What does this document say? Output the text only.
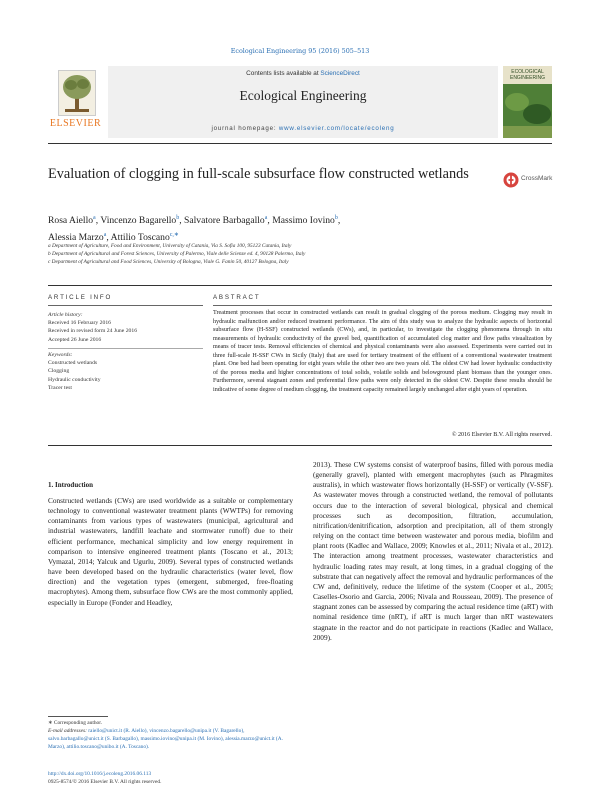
Ecological Engineering 95 (2016) 505–513
ELSEVIER
Contents lists available at ScienceDirect
Ecological Engineering
journal homepage: www.elsevier.com/locate/ecoleng
ECOLOGICAL ENGINEERING
Evaluation of clogging in full-scale subsurface flow constructed wetlands	CrossMark
Rosa Aiello$^a$, Vincenzo Bagarello$^b$, Salvatore Barbagallo$^a$, Massimo Iovino$^b$,
Alessia Marzo$^a$, Attilio Toscano$^{c,∗}$
a Department of Agriculture, Food and Environment, University of Catania, Via S. Sofia 100, 95123 Catania, Italy
b Department of Agricultural and Forest Sciences, University of Palermo, Viale delle Scienze ed. 4, 90128 Palermo, Italy
c Department of Agricultural and Food Sciences, University of Bologna, Viale G. Fanin 50, 40127 Bologna, Italy
ARTICLE INFO	ABSTRACT
Article history:
Received 16 February 2016
Received in revised form 24 June 2016
Accepted 26 June 2016
Keywords:
Constructed wetlands
Clogging
Hydraulic conductivity
Tracer test
Treatment processes that occur in constructed wetlands can result in gradual clogging of the porous medium. Clogging may result in hydraulic malfunction and/or reduced treatment performance. The aim of this study was to analyze the hydraulic aspects of horizontal subsurface flow (H-SSF) constructed wetlands (CWs), and, in particular, to investigate the clogging phenomena through in situ measurements of hydraulic conductivity of the gravel bed, quantification of accumulated clog matter and flow paths visualization by means of tracer tests. Removal efficiencies of chemical and physical contaminants were also assessed. Experiments were carried out in three full-scale H-SSF CWs in Sicily (Italy) that are used for tertiary treatment of the effluent of a conventional wastewater treatment plant. One bed had been operating for eight years while the other two are two years old. The oldest CW had lower hydraulic conductivity of the porous media and higher concentrations of total solids, volatile solids and belowground plant biomass than the younger ones. Furthermore, several stagnant zones and preferential flow paths were only detected in the oldest CW. Despite these results should be indicative of some degree of medium clogging, the treatment capacity remained largely unchanged after eight years of operation.
© 2016 Elsevier B.V. All rights reserved.
1. Introduction
Constructed wetlands (CWs) are used worldwide as a suitable or complementary technology to conventional wastewater treatment plants (WWTPs) for removing contaminants from various types of wastewaters (municipal, agricultural and industrial wastewaters, landfill leachate and stormwater runoff) due to their efficient performance, mechanical simplicity and low energy requirement in comparison to intensive engineered treatment plants (Toscano et al., 2013; Vymazal, 2014; Yalcuk and Ugurlu, 2009). Several types of constructed wetlands have been developed based on the hydraulic characteristics (water level, flow direction) and the vegetation types (emergent, submerged, free-floating macrophytes). Among them, subsurface flow CWs are the most commonly applied, especially in Europe (Fonder and Headley,
2013). These CW systems consist of waterproof basins, filled with porous media (generally gravel), planted with emergent macrophytes (such as Phragmites australis), in which wastewater flows horizontally (H-SSF) or vertically (V-SSF). As wastewater moves through a constructed wetland, the removal of pollutants occurs due to the interaction of several biological, physical and chemical processes such as decomposition, filtration, accumulation, nitrification/denitrification, adsorption and precipitation, all of them strongly relying on the contact time between wastewater and porous media, biofilm and plant roots (Kadlec and Wallace, 2009; Knowles et al., 2011; Nivala et al., 2012). The interaction among treatment processes, wastewater characteristics and hydraulic loading rates may result, at long times, in a gradual clogging of the substrate that can negatively affect the removal and hydraulic performances of the CW and, definitively, reduce the lifetime of the system (Cooper et al., 2005; Caselles-Osorio and Garcia, 2006; Nivala and Rousseau, 2009). The presence of stagnant zones can be assessed by comparing the actual residence time (aRT) with nominal residence time (nRT), if aRT is much larger than nRT wastewaters stagnate in the reactor and do not participate in reactions (Kadlec and Wallace, 2009).
∗ Corresponding author.
E-mail addresses: raiello@unict.it (R. Aiello), vincenzo.bagarello@unipa.it (V. Bagarello), salvo.barbagallo@unict.it (S. Barbagallo), massimo.iovino@unipa.it (M. Iovino), alessia.marzo@unict.it (A. Marzo), attilio.toscano@unibo.it (A. Toscano).
http://dx.doi.org/10.1016/j.ecoleng.2016.06.113
0925-8574/© 2016 Elsevier B.V. All rights reserved.
